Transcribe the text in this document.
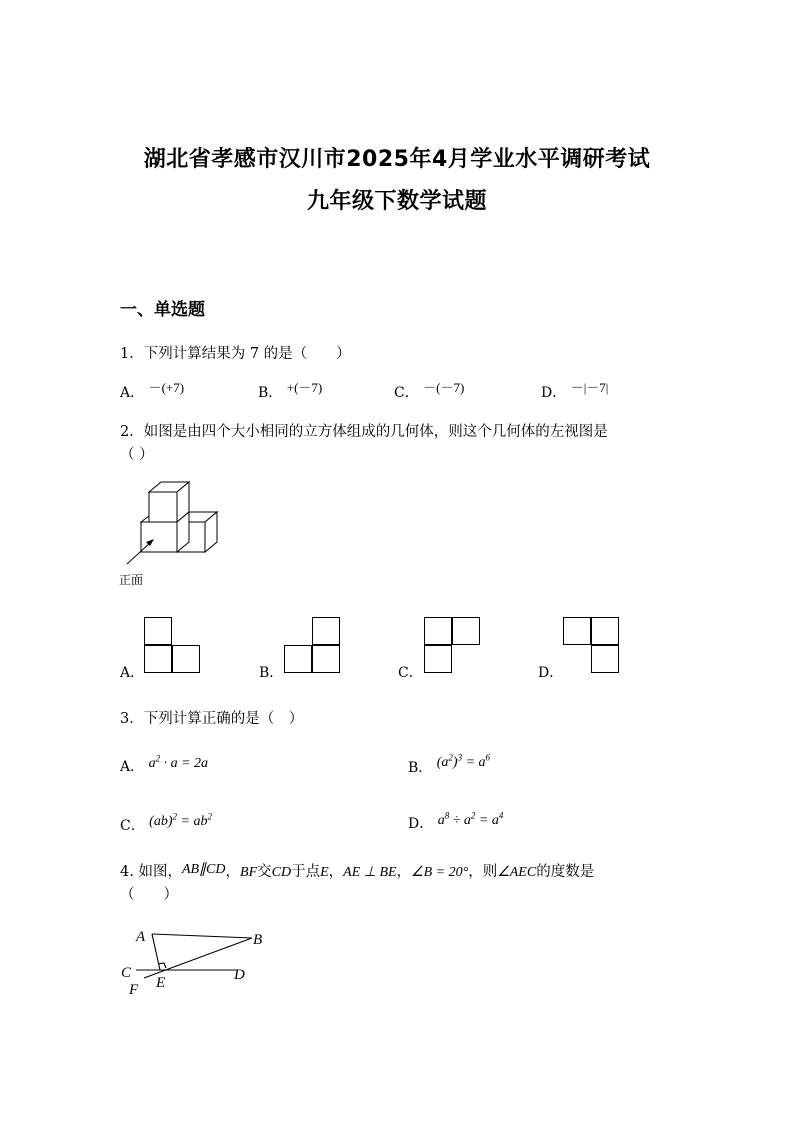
湖北省孝感市汉川市2025年4月学业水平调研考试
九年级下数学试题
一、单选题
1．下列计算结果为 7 的是（　　）
A． －(+7)	B． +(－7)	C． －(－7)	D． －|－7|
2．如图是由四个大小相同的立方体组成的几何体，则这个几何体的左视图是
（ ）
正面
A．	B．	C．	D．
3．下列计算正确的是（　）
A． $a^2 \cdot a = 2a$	B． $(a^2)^3 = a^6$
C． $(ab)^2 = ab^2$	D． $a^8 \div a^2 = a^4$
4. 如图，AB∥CD，BF交CD于点E，AE ⊥ BE，∠B = 20°，则∠AEC的度数是
（　　）
A	B
C	D
E
F
